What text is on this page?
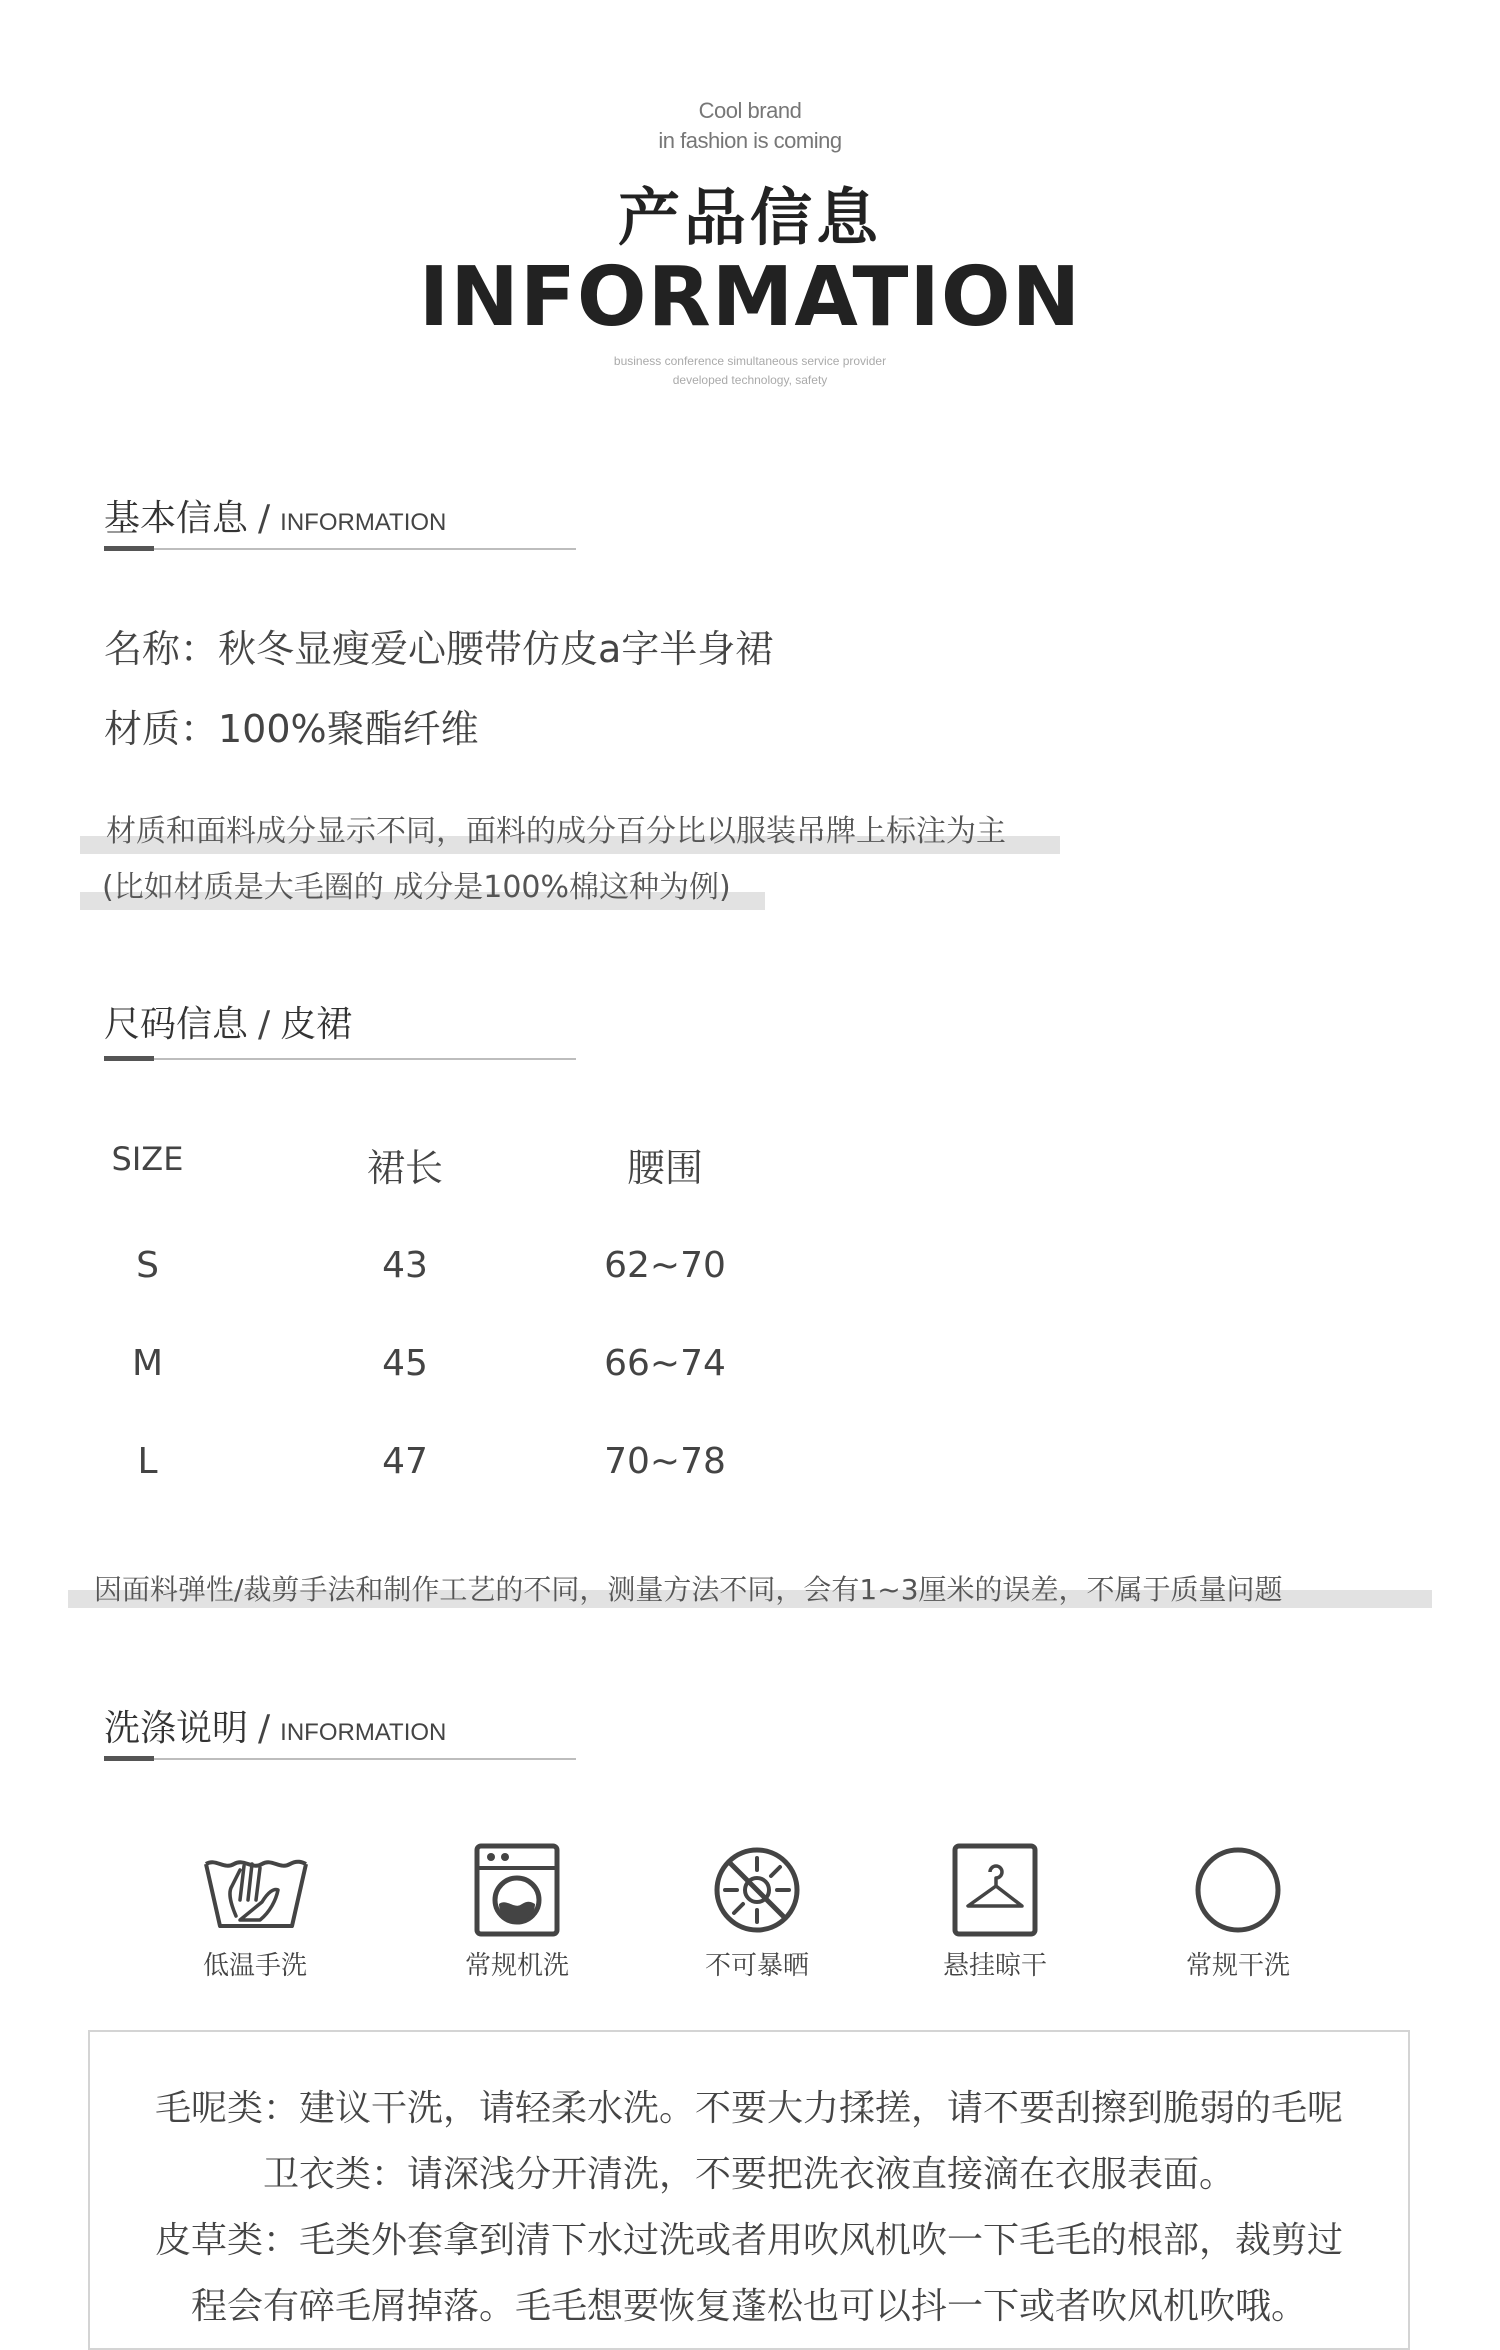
Cool brand
in fashion is coming
产品信息
INFORMATION
business conference simultaneous service provider
developed technology, safety
基本信息 / INFORMATION
名称：秋冬显瘦爱心腰带仿皮a字半身裙
材质：100%聚酯纤维
材质和面料成分显示不同，面料的成分百分比以服装吊牌上标注为主
(比如材质是大毛圈的 成分是100%棉这种为例)
尺码信息 / 皮裙
SIZE	裙长	腰围
S	43	62~70
M	45	66~74
L	47	70~78
因面料弹性/裁剪手法和制作工艺的不同，测量方法不同，会有1~3厘米的误差，不属于质量问题
洗涤说明 / INFORMATION
低温手洗	常规机洗	不可暴晒	悬挂晾干	常规干洗
毛呢类：建议干洗，请轻柔水洗。不要大力揉搓，请不要刮擦到脆弱的毛呢
卫衣类：请深浅分开清洗，不要把洗衣液直接滴在衣服表面。
皮草类：毛类外套拿到清下水过洗或者用吹风机吹一下毛毛的根部，裁剪过
程会有碎毛屑掉落。毛毛想要恢复蓬松也可以抖一下或者吹风机吹哦。
